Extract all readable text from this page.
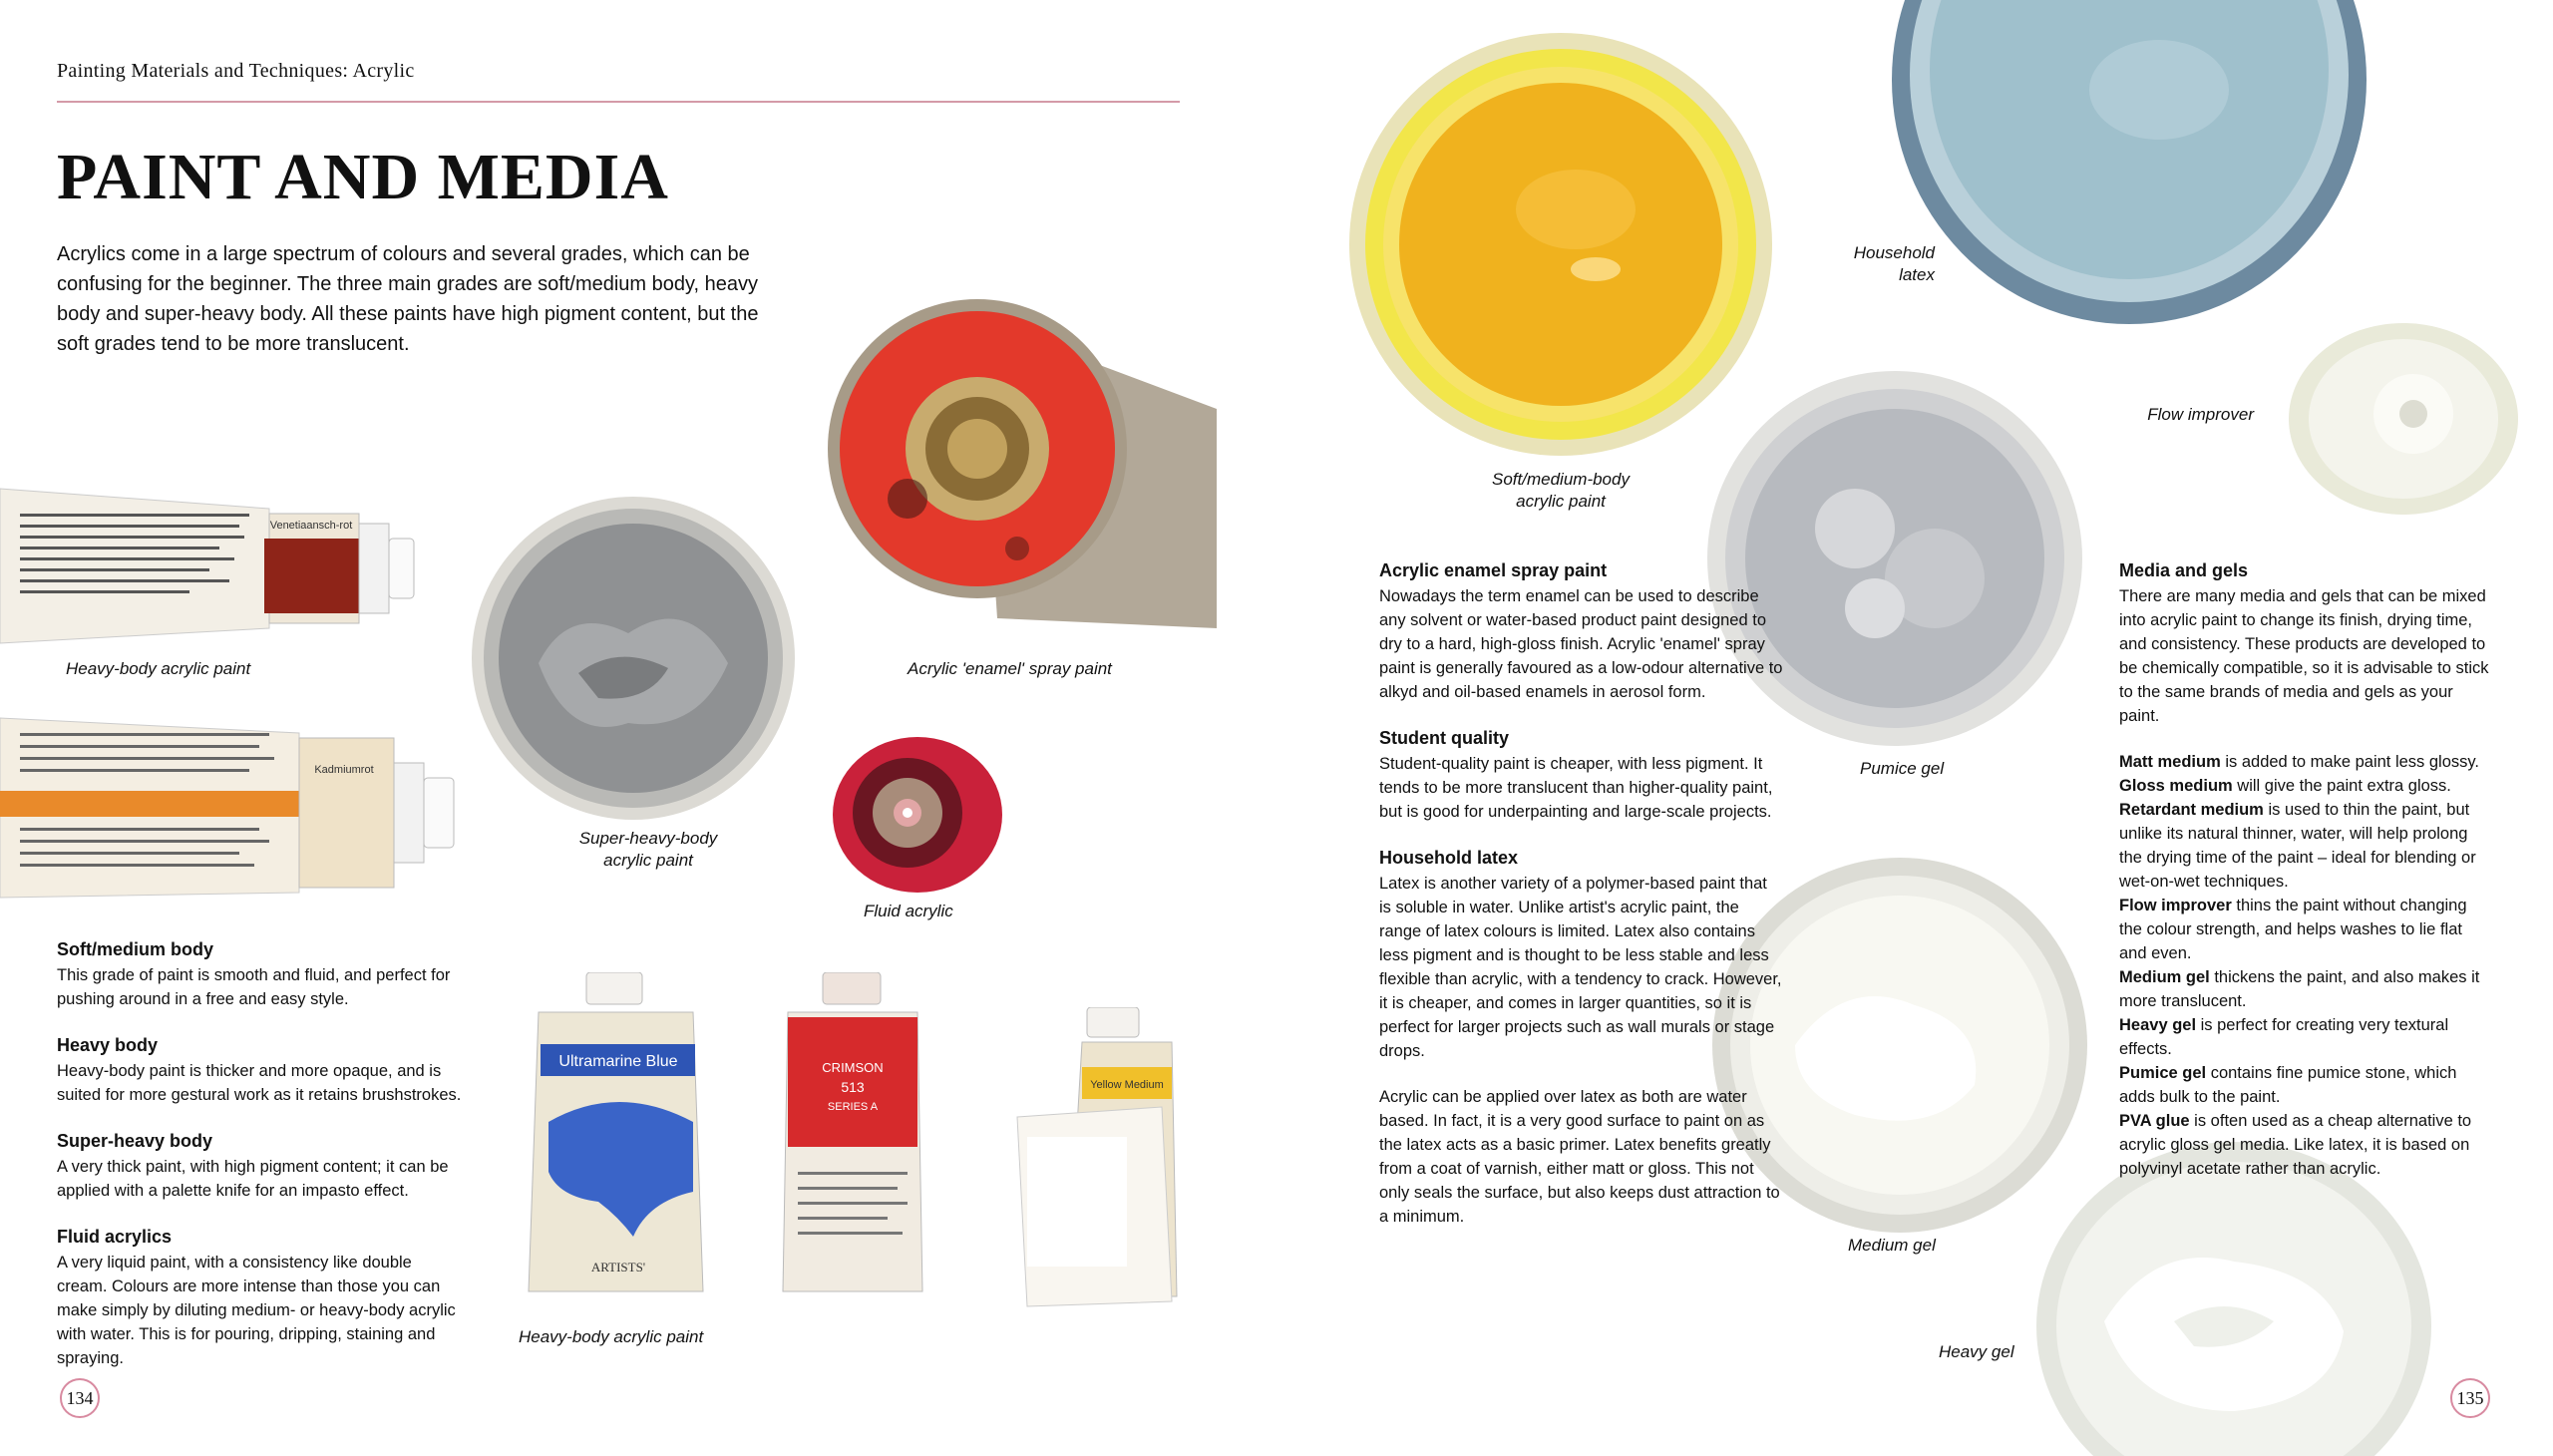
Painting Materials and Techniques: Acrylic
PAINT AND MEDIA
Acrylics come in a large spectrum of colours and several grades, which can be confusing for the beginner. The three main grades are soft/medium body, heavy body and super-heavy body. All these paints have high pigment content, but the soft grades tend to be more translucent.
Venetiaansch-rot
Heavy-body acrylic paint
Kadmiumrot
Super-heavy-body acrylic paint
Acrylic 'enamel' spray paint
Fluid acrylic
Ultramarine Blue
ARTISTS'
CRIMSON
513
SERIES A
Yellow Medium
Heavy-body acrylic paint
Soft/medium body

This grade of paint is smooth and fluid, and perfect for pushing around in a free and easy style.

Heavy body

Heavy-body paint is thicker and more opaque, and is suited for more gestural work as it retains brushstrokes.

Super-heavy body

A very thick paint, with high pigment content; it can be applied with a palette knife for an impasto effect.

Fluid acrylics

A very liquid paint, with a consistency like double cream. Colours are more intense than those you can make simply by diluting medium- or heavy-body acrylic with water. This is for pouring, dripping, staining and spraying.

134
Soft/medium-body acrylic paint
Household latex
Flow improver
Pumice gel
Medium gel
Heavy gel
Acrylic enamel spray paint

Nowadays the term enamel can be used to describe any solvent or water-based product paint designed to dry to a hard, high-gloss finish. Acrylic 'enamel' spray paint is generally favoured as a low-odour alternative to alkyd and oil-based enamels in aerosol form.

Student quality

Student-quality paint is cheaper, with less pigment. It tends to be more translucent than higher-quality paint, but is good for underpainting and large-scale projects.

Household latex

Latex is another variety of a polymer-based paint that is soluble in water. Unlike artist's acrylic paint, the range of latex colours is limited. Latex also contains less pigment and is thought to be less stable and less flexible than acrylic, with a tendency to crack. However, it is cheaper, and comes in larger quantities, so it is perfect for larger projects such as wall murals or stage drops.

Acrylic can be applied over latex as both are water based. In fact, it is a very good surface to paint on as the latex acts as a basic primer. Latex benefits greatly from a coat of varnish, either matt or gloss. This not only seals the surface, but also keeps dust attraction to a minimum.

Media and gels

There are many media and gels that can be mixed into acrylic paint to change its finish, drying time, and consistency. These products are developed to be chemically compatible, so it is advisable to stick to the same brands of media and gels as your paint.

Matt medium is added to make paint less glossy.

Gloss medium will give the paint extra gloss.

Retardant medium is used to thin the paint, but unlike its natural thinner, water, will help prolong the drying time of the paint – ideal for blending or wet-on-wet techniques.

Flow improver thins the paint without changing the colour strength, and helps washes to lie flat and even.

Medium gel thickens the paint, and also makes it more translucent.

Heavy gel is perfect for creating very textural effects.

Pumice gel contains fine pumice stone, which adds bulk to the paint.

PVA glue is often used as a cheap alternative to acrylic gloss gel media. Like latex, it is based on polyvinyl acetate rather than acrylic.

135
